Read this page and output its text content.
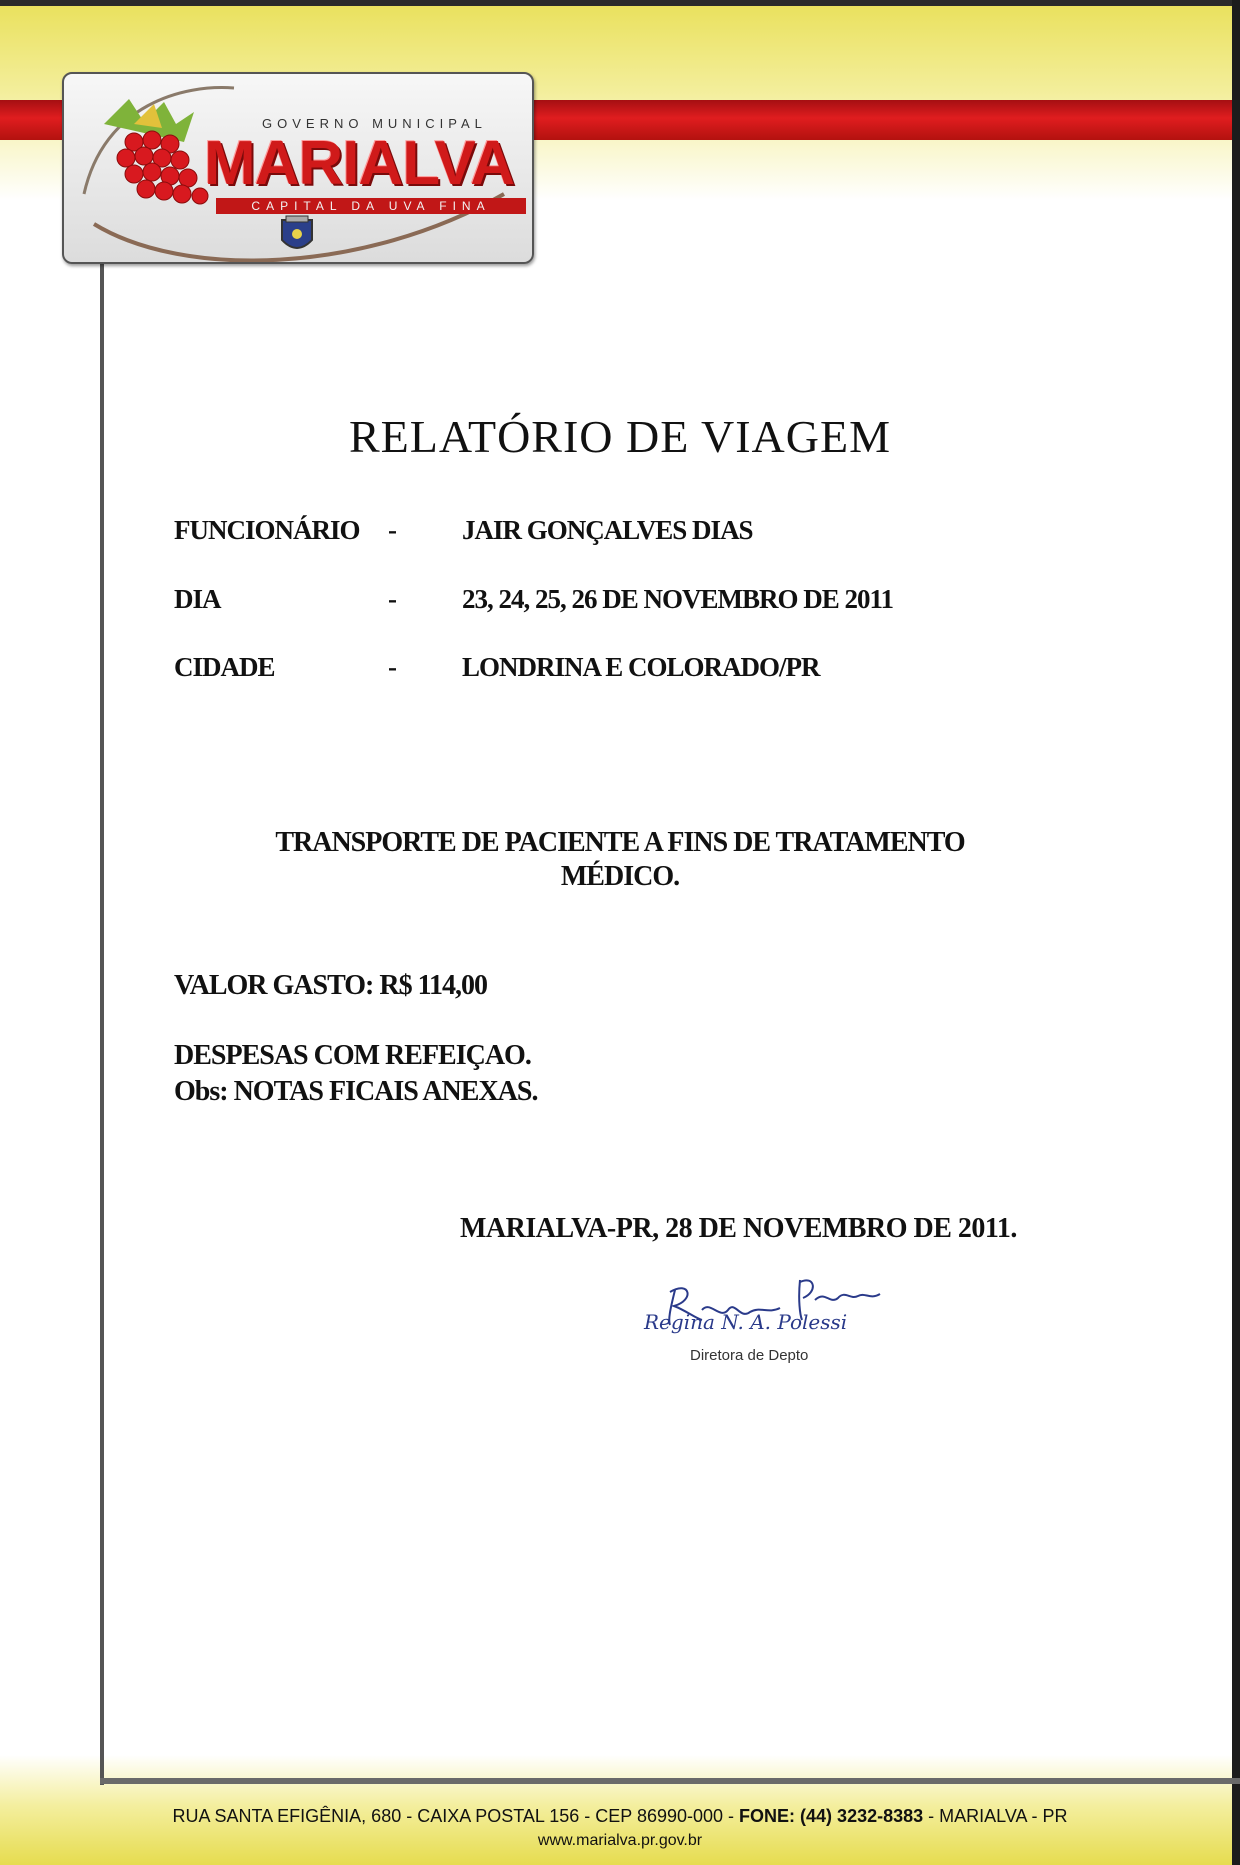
GOVERNO MUNICIPAL
MARIALVA
CAPITAL DA UVA FINA
RELATÓRIO DE VIAGEM
FUNCIONÁRIO - JAIR GONÇALVES DIAS
DIA	- 23, 24, 25, 26 DE NOVEMBRO DE 2011
CIDADE	- LONDRINA E COLORADO/PR
TRANSPORTE DE PACIENTE A FINS DE TRATAMENTO
MÉDICO.
VALOR GASTO: R$ 114,00
DESPESAS COM REFEIÇAO.
Obs: NOTAS FICAIS ANEXAS.
MARIALVA-PR, 28 DE NOVEMBRO DE 2011.
Regina N. A. Polessi
Diretora de Depto
RUA SANTA EFIGÊNIA, 680 - CAIXA POSTAL 156 - CEP 86990-000 - FONE: (44) 3232-8383 - MARIALVA - PR
www.marialva.pr.gov.br
